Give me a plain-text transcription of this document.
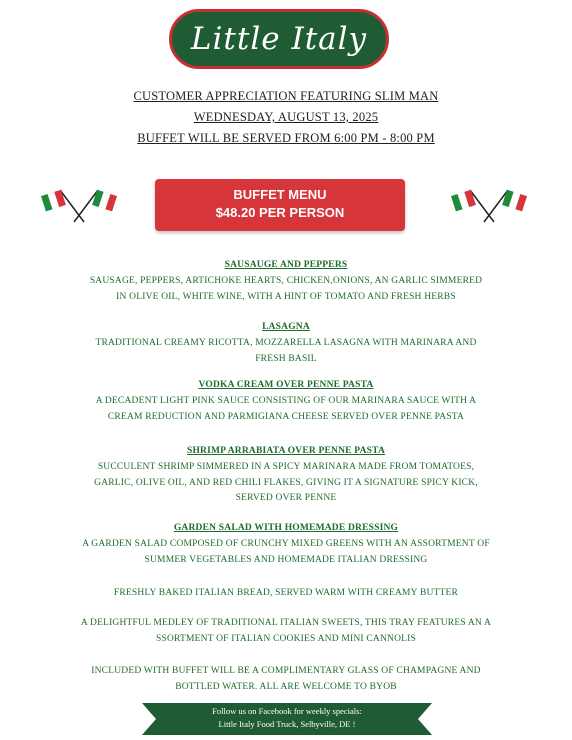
Little Italy
CUSTOMER APPRECIATION FEATURING SLIM MAN
WEDNESDAY, AUGUST 13, 2025
BUFFET WILL BE SERVED FROM 6:00 PM - 8:00 PM
BUFFET MENU
$48.20 PER PERSON
SAUSAUGE AND PEPPERS
SAUSAGE, PEPPERS, ARTICHOKE HEARTS, CHICKEN,ONIONS, AN GARLIC SIMMERED
IN OLIVE OIL, WHITE WINE, WITH A HINT OF TOMATO AND FRESH HERBS
LASAGNA
TRADITIONAL CREAMY RICOTTA, MOZZARELLA LASAGNA WITH MARINARA AND
FRESH BASIL
VODKA CREAM OVER PENNE PASTA
A DECADENT LIGHT PINK SAUCE CONSISTING OF OUR MARINARA SAUCE WITH A
CREAM REDUCTION AND PARMIGIANA CHEESE SERVED OVER PENNE PASTA
SHRIMP ARRABIATA OVER PENNE PASTA
SUCCULENT SHRIMP SIMMERED IN A SPICY MARINARA MADE FROM TOMATOES,
GARLIC, OLIVE OIL, AND RED CHILI FLAKES, GIVING IT A SIGNATURE SPICY KICK,
SERVED OVER PENNE
GARDEN SALAD WITH HOMEMADE DRESSING
A GARDEN SALAD COMPOSED OF CRUNCHY MIXED GREENS WITH AN ASSORTMENT OF
SUMMER VEGETABLES AND HOMEMADE ITALIAN DRESSING
FRESHLY BAKED ITALIAN BREAD, SERVED WARM WITH CREAMY BUTTER
A DELIGHTFUL MEDLEY OF TRADITIONAL ITALIAN SWEETS, THIS TRAY FEATURES AN A
SSORTMENT OF ITALIAN COOKIES AND MINI CANNOLIS
INCLUDED WITH BUFFET WILL BE A COMPLIMENTARY GLASS OF CHAMPAGNE AND
BOTTLED WATER. ALL ARE WELCOME TO BYOB
Follow us on Facebook for weekly specials:
Little Italy Food Truck, Selbyville, DE !
